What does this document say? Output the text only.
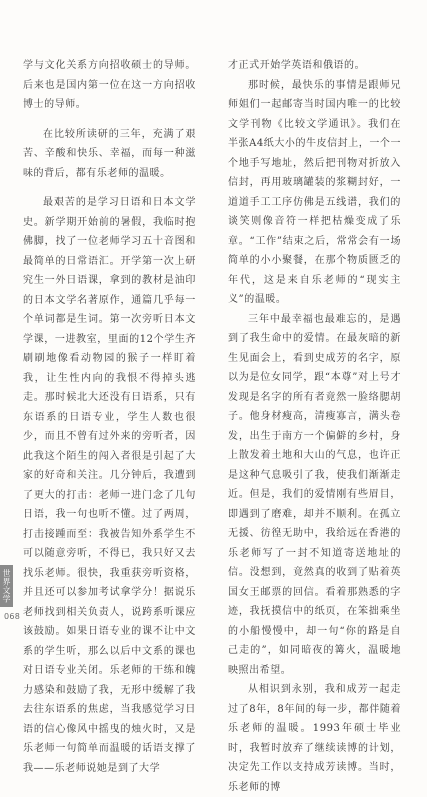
学与文化关系方向招收硕士的导师。后来也是国内第一位在这一方向招收博士的导师。

在比较所读研的三年，充满了艰苦、辛酸和快乐、幸福，而每一种滋味的背后，都有乐老师的温暖。

最艰苦的是学习日语和日本文学史。新学期开始前的暑假，我临时抱佛脚，找了一位老师学习五十音图和最简单的日常语汇。开学第一次上研究生一外日语课，拿到的教材是油印的日本文学名著原作，通篇几乎每一个单词都是生词。第一次旁听日本文学课，一进教室，里面的12个学生齐刷刷地像看动物园的猴子一样盯着我，让生性内向的我恨不得掉头逃走。那时候北大还没有日语系，只有东语系的日语专业，学生人数也很少，而且不曾有过外来的旁听者，因此我这个陌生的闯入者很是引起了大家的好奇和关注。几分钟后，我遭到了更大的打击：老师一进门念了几句日语，我一句也听不懂。过了两周，打击接踵而至：我被告知外系学生不可以随意旁听，不得已，我只好又去找乐老师。很快，我重获旁听资格，并且还可以参加考试拿学分！据说乐老师找到相关负责人，说跨系听课应该鼓励。如果日语专业的课不让中文系的学生听，那么以后中文系的课也对日语专业关闭。乐老师的干练和魄力感染和鼓励了我，无形中缓解了我去往东语系的焦虑，当我感觉学习日语的信心像风中摇曳的烛火时，又是乐老师一句简单而温暖的话语支撑了我——乐老师说她是到了大学

才正式开始学英语和俄语的。

那时候，最快乐的事情是跟师兄师姐们一起邮寄当时国内唯一的比较文学刊物《比较文学通讯》。我们在半张A4纸大小的牛皮信封上，一个一个地手写地址，然后把刊物对折放入信封，再用玻璃罐装的浆糊封好，一道道手工工序仿佛是五线谱，我们的谈笑则像音符一样把枯燥变成了乐章。“工作”结束之后，常常会有一场简单的小小聚餐，在那个物质匮乏的年代，这是来自乐老师的“现实主义”的温暖。

三年中最幸福也最难忘的，是遇到了我生命中的爱情。在最灰暗的新生见面会上，看到史成芳的名字，原以为是位女同学，跟“本尊”对上号才发现是名字的所有者竟然一脸络腮胡子。他身材瘦高，清瘦寡言，满头卷发，出生于南方一个偏僻的乡村，身上散发着土地和大山的气息，也许正是这种气息吸引了我，使我们渐渐走近。但是，我们的爱情刚有些眉目，即遇到了磨难，却并不顺利。在孤立无援、彷徨无助中，我给远在香港的乐老师写了一封不知道寄送地址的信。没想到，竟然真的收到了贴着英国女王邮票的回信。看着那熟悉的字迹，我抚摸信中的纸页，在笨拙乘坐的小船慢慢中，却一句“你的路是自己走的”，如同暗夜的篝火，温暖地映照出希望。

从相识到永别，我和成芳一起走过了8年，8年间的每一步，都伴随着乐老师的温暖。1993年硕士毕业时，我暂时放弃了继续读博的计划，决定先工作以支持成芳读博。当时，乐老师的博

世界文学
068
